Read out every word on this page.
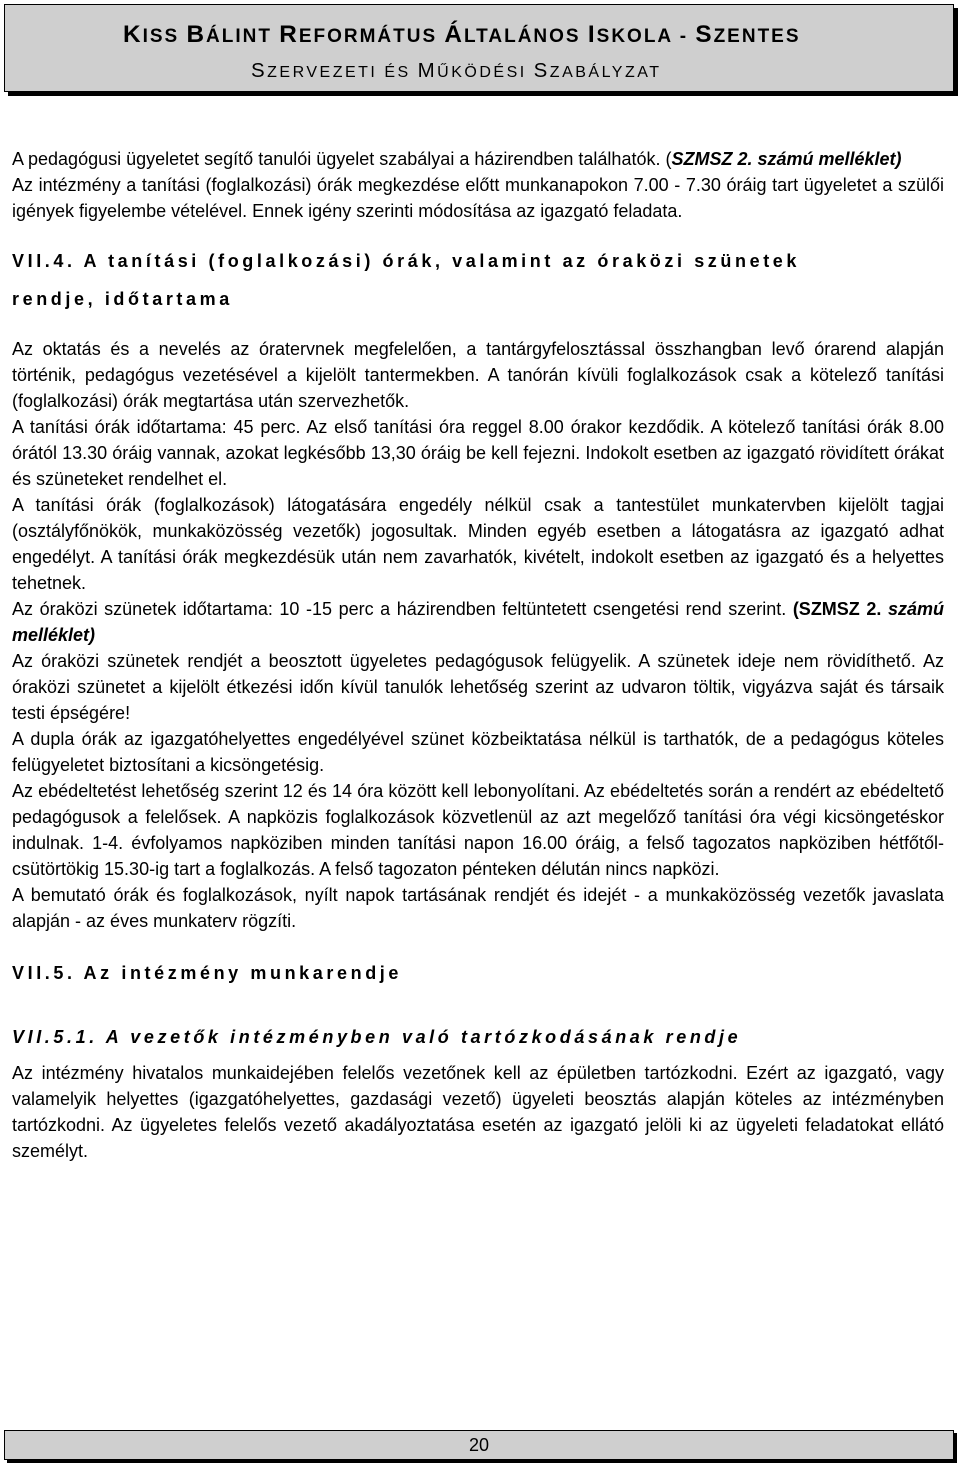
KISS BÁLINT REFORMÁTUS ÁLTALÁNOS ISKOLA - SZENTES
SZERVEZETI ÉS MŰKÖDÉSI SZABÁLYZAT

A pedagógusi ügyeletet segítő tanulói ügyelet szabályai a házirendben találhatók. (SZMSZ 2. számú melléklet)

Az intézmény a tanítási (foglalkozási) órák megkezdése előtt munkanapokon 7.00 - 7.30 óráig tart ügyeletet a szülői igények figyelembe vételével. Ennek igény szerinti módosítása az igazgató feladata.

VII.4. A tanítási (foglalkozási) órák, valamint az óraközi szünetek
rendje, időtartama

Az oktatás és a nevelés az óratervnek megfelelően, a tantárgyfelosztással összhangban levő órarend alapján történik, pedagógus vezetésével a kijelölt tantermekben. A tanórán kívüli foglalkozások csak a kötelező tanítási (foglalkozási) órák megtartása után szervezhetők.

A tanítási órák időtartama: 45 perc. Az első tanítási óra reggel 8.00 órakor kezdődik. A kötelező tanítási órák 8.00 órától 13.30 óráig vannak, azokat legkésőbb 13,30 óráig be kell fejezni. Indokolt esetben az igazgató rövidített órákat és szüneteket rendelhet el.

A tanítási órák (foglalkozások) látogatására engedély nélkül csak a tantestület munkatervben kijelölt tagjai (osztályfőnökök, munkaközösség vezetők) jogosultak. Minden egyéb esetben a látogatásra az igazgató adhat engedélyt. A tanítási órák megkezdésük után nem zavarhatók, kivételt, indokolt esetben az igazgató és a helyettes tehetnek.

Az óraközi szünetek időtartama: 10 -15 perc a házirendben feltüntetett csengetési rend szerint. (SZMSZ 2. számú melléklet)

Az óraközi szünetek rendjét a beosztott ügyeletes pedagógusok felügyelik. A szünetek ideje nem rövidíthető. Az óraközi szünetet a kijelölt étkezési időn kívül tanulók lehetőség szerint az udvaron töltik, vigyázva saját és társaik testi épségére!

A dupla órák az igazgatóhelyettes engedélyével szünet közbeiktatása nélkül is tarthatók, de a pedagógus köteles felügyeletet biztosítani a kicsöngetésig.

Az ebédeltetést lehetőség szerint 12 és 14 óra között kell lebonyolítani. Az ebédeltetés során a rendért az ebédeltető pedagógusok a felelősek. A napközis foglalkozások közvetlenül az azt megelőző tanítási óra végi kicsöngetéskor indulnak. 1-4. évfolyamos napköziben minden tanítási napon 16.00 óráig, a felső tagozatos napköziben hétfőtől-csütörtökig 15.30-ig tart a foglalkozás. A felső tagozaton pénteken délután nincs napközi.

A bemutató órák és foglalkozások, nyílt napok tartásának rendjét és idejét - a munkaközösség vezetők javaslata alapján - az éves munkaterv rögzíti.

VII.5. Az intézmény munkarendje

VII.5.1. A vezetők intézményben való tartózkodásának rendje

Az intézmény hivatalos munkaidejében felelős vezetőnek kell az épületben tartózkodni. Ezért az igazgató, vagy valamelyik helyettes (igazgatóhelyettes, gazdasági vezető) ügyeleti beosztás alapján köteles az intézményben tartózkodni. Az ügyeletes felelős vezető akadályoztatása esetén az igazgató jelöli ki az ügyeleti feladatokat ellátó személyt.

20
